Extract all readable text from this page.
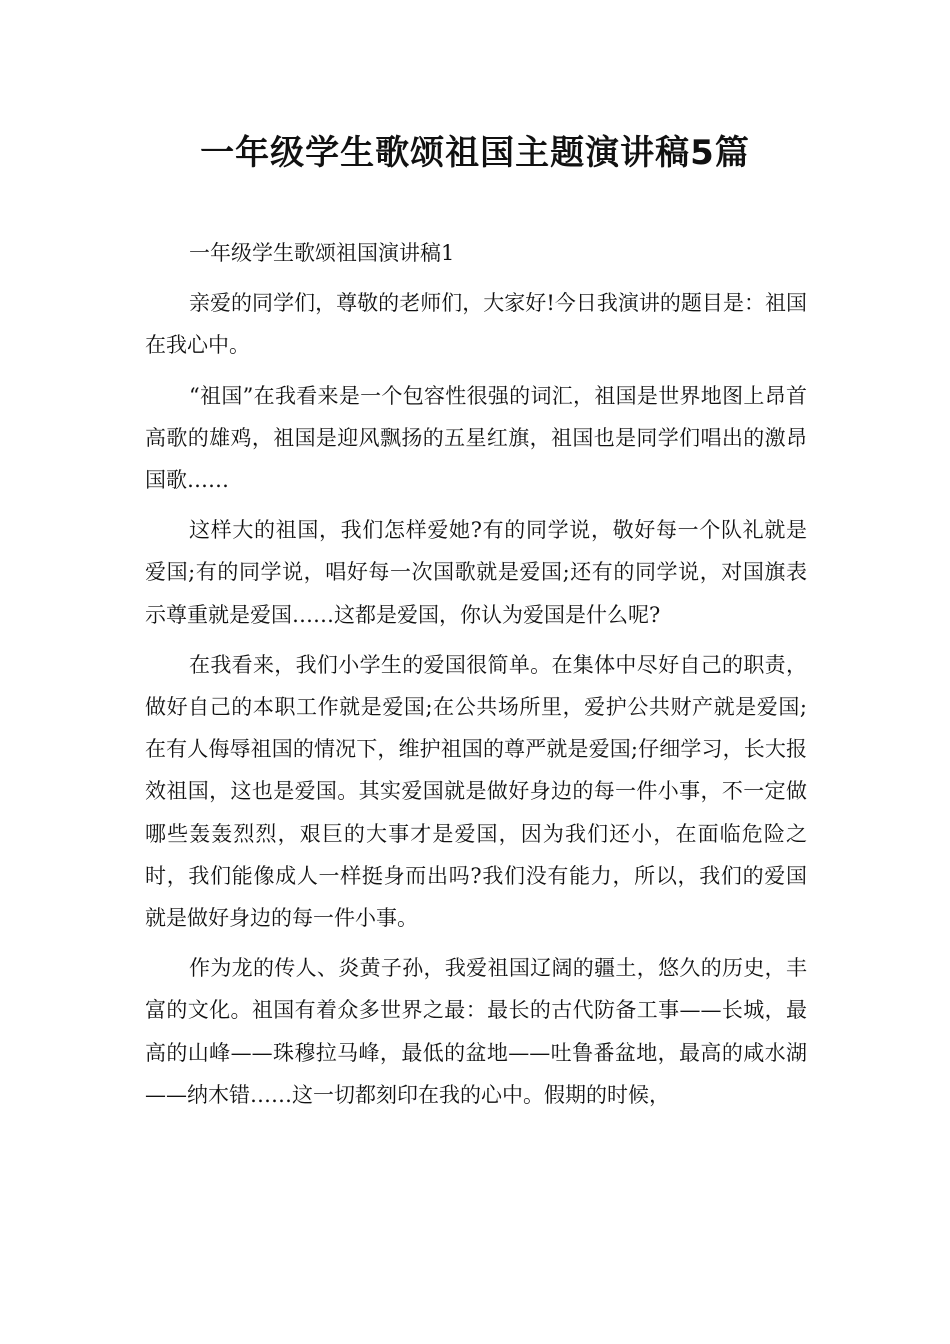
一年级学生歌颂祖国主题演讲稿5篇

一年级学生歌颂祖国演讲稿1

亲爱的同学们，尊敬的老师们，大家好!今日我演讲的题目是：祖国在我心中。

“祖国”在我看来是一个包容性很强的词汇，祖国是世界地图上昂首高歌的雄鸡，祖国是迎风飘扬的五星红旗，祖国也是同学们唱出的激昂国歌……

这样大的祖国，我们怎样爱她?有的同学说，敬好每一个队礼就是爱国;有的同学说，唱好每一次国歌就是爱国;还有的同学说，对国旗表示尊重就是爱国……这都是爱国，你认为爱国是什么呢?

在我看来，我们小学生的爱国很简单。在集体中尽好自己的职责，做好自己的本职工作就是爱国;在公共场所里，爱护公共财产就是爱国;在有人侮辱祖国的情况下，维护祖国的尊严就是爱国;仔细学习，长大报效祖国，这也是爱国。其实爱国就是做好身边的每一件小事，不一定做哪些轰轰烈烈，艰巨的大事才是爱国，因为我们还小，在面临危险之时，我们能像成人一样挺身而出吗?我们没有能力，所以，我们的爱国就是做好身边的每一件小事。

作为龙的传人、炎黄子孙，我爱祖国辽阔的疆土，悠久的历史，丰富的文化。祖国有着众多世界之最：最长的古代防备工事——长城，最高的山峰——珠穆拉马峰，最低的盆地——吐鲁番盆地，最高的咸水湖——纳木错……这一切都刻印在我的心中。假期的时候，
